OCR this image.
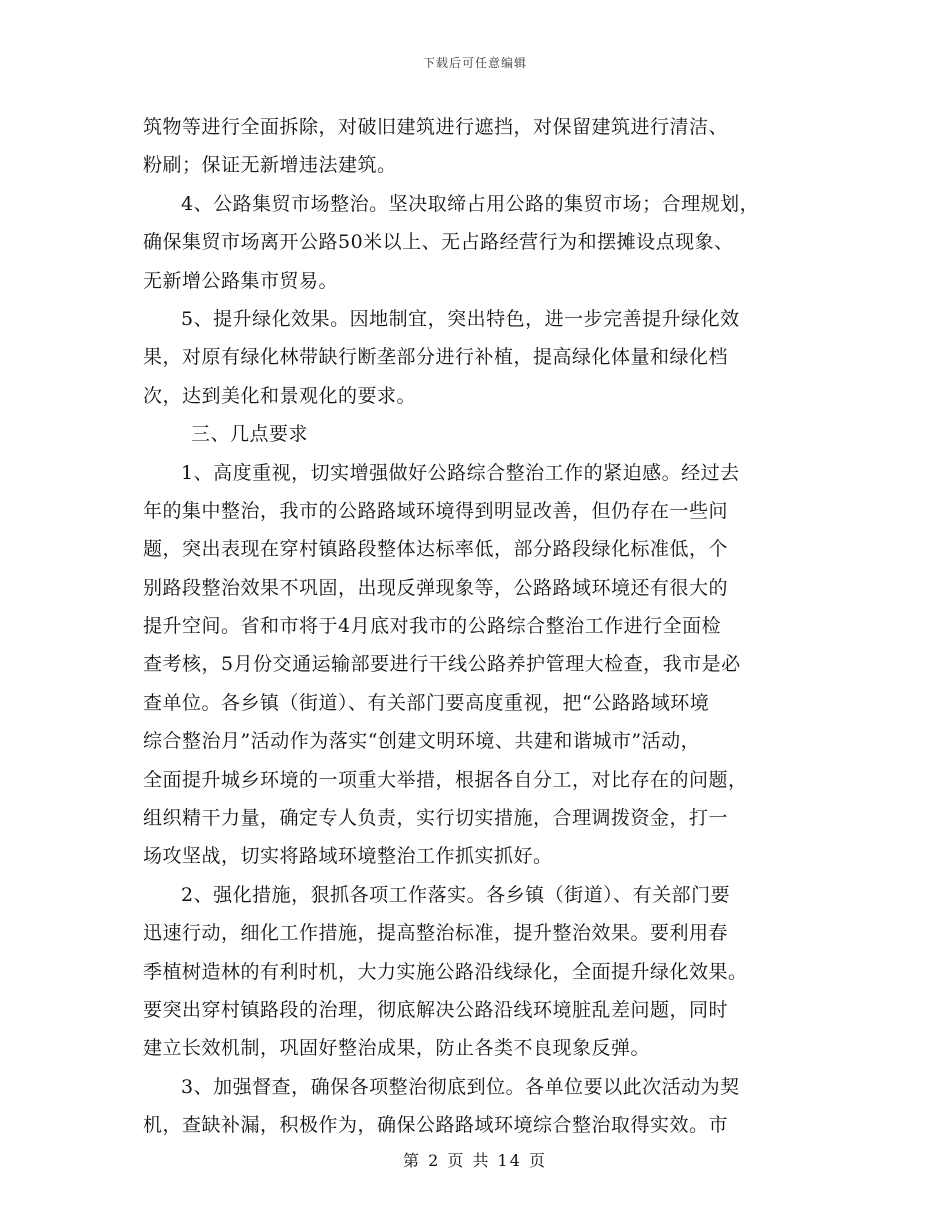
下载后可任意编辑
筑物等进行全面拆除，对破旧建筑进行遮挡，对保留建筑进行清洁、
粉刷；保证无新增违法建筑。
4、公路集贸市场整治。坚决取缔占用公路的集贸市场；合理规划，
确保集贸市场离开公路50米以上、无占路经营行为和摆摊设点现象、
无新增公路集市贸易。
5、提升绿化效果。因地制宜，突出特色，进一步完善提升绿化效
果，对原有绿化林带缺行断垄部分进行补植，提高绿化体量和绿化档
次，达到美化和景观化的要求。
三、几点要求
1、高度重视，切实增强做好公路综合整治工作的紧迫感。经过去
年的集中整治，我市的公路路域环境得到明显改善，但仍存在一些问
题，突出表现在穿村镇路段整体达标率低，部分路段绿化标准低，个
别路段整治效果不巩固，出现反弹现象等，公路路域环境还有很大的
提升空间。省和市将于4月底对我市的公路综合整治工作进行全面检
查考核，5月份交通运输部要进行干线公路养护管理大检查，我市是必
查单位。各乡镇（街道）、有关部门要高度重视，把“公路路域环境
综合整治月”活动作为落实“创建文明环境、共建和谐城市”活动，
全面提升城乡环境的一项重大举措，根据各自分工，对比存在的问题，
组织精干力量，确定专人负责，实行切实措施，合理调拨资金，打一
场攻坚战，切实将路域环境整治工作抓实抓好。
2、强化措施，狠抓各项工作落实。各乡镇（街道）、有关部门要
迅速行动，细化工作措施，提高整治标准，提升整治效果。要利用春
季植树造林的有利时机，大力实施公路沿线绿化，全面提升绿化效果。
要突出穿村镇路段的治理，彻底解决公路沿线环境脏乱差问题，同时
建立长效机制，巩固好整治成果，防止各类不良现象反弹。
3、加强督查，确保各项整治彻底到位。各单位要以此次活动为契
机，查缺补漏，积极作为，确保公路路域环境综合整治取得实效。市
第 2 页 共 14 页
